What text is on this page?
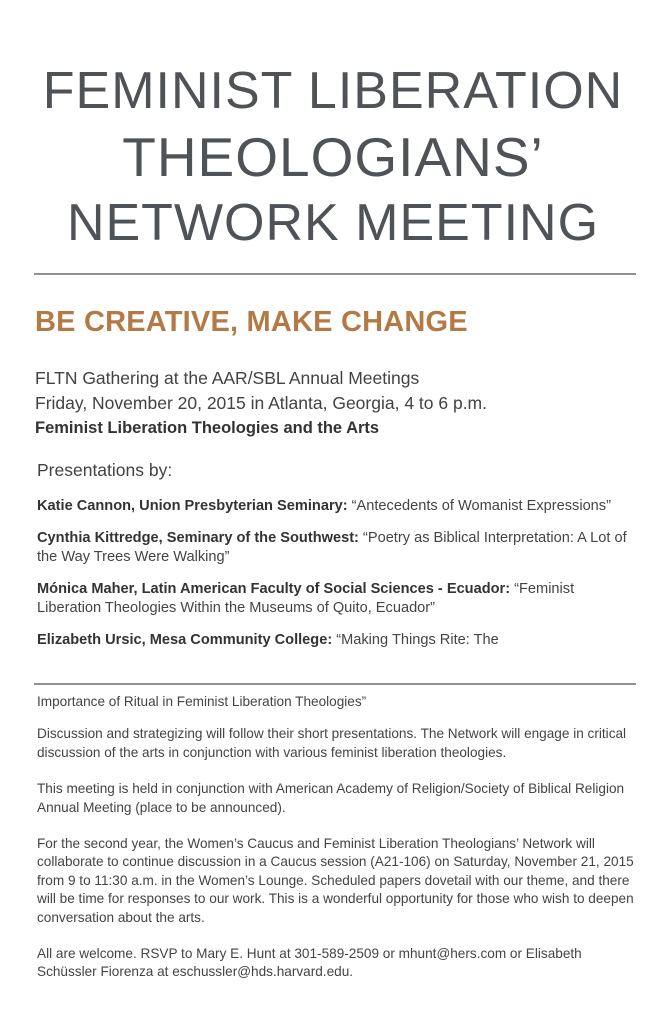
FEMINIST LIBERATION
THEOLOGIANS’
NETWORK MEETING
BE CREATIVE, MAKE CHANGE
FLTN Gathering at the AAR/SBL Annual Meetings
Friday, November 20, 2015 in Atlanta, Georgia, 4 to 6 p.m.
Feminist Liberation Theologies and the Arts
Presentations by:
Katie Cannon, Union Presbyterian Seminary: “Antecedents of Womanist Expressions”
Cynthia Kittredge, Seminary of the Southwest: “Poetry as Biblical Interpretation: A Lot of the Way Trees Were Walking”
Mónica Maher, Latin American Faculty of Social Sciences - Ecuador: “Feminist Liberation Theologies Within the Museums of Quito, Ecuador”
Elizabeth Ursic, Mesa Community College: “Making Things Rite: The

Importance of Ritual in Feminist Liberation Theologies”

Discussion and strategizing will follow their short presentations. The Network will engage in critical discussion of the arts in conjunction with various feminist liberation theologies.

This meeting is held in conjunction with American Academy of Religion/Society of Biblical Religion Annual Meeting (place to be announced).

For the second year, the Women’s Caucus and Feminist Liberation Theologians’ Network will collaborate to continue discussion in a Caucus session (A21-106) on Saturday, November 21, 2015 from 9 to 11:30 a.m. in the Women’s Lounge. Scheduled papers dovetail with our theme, and there will be time for responses to our work. This is a wonderful opportunity for those who wish to deepen conversation about the arts.

All are welcome. RSVP to Mary E. Hunt at 301-589-2509 or mhunt@hers.com or Elisabeth Schüssler Fiorenza at eschussler@hds.harvard.edu.
